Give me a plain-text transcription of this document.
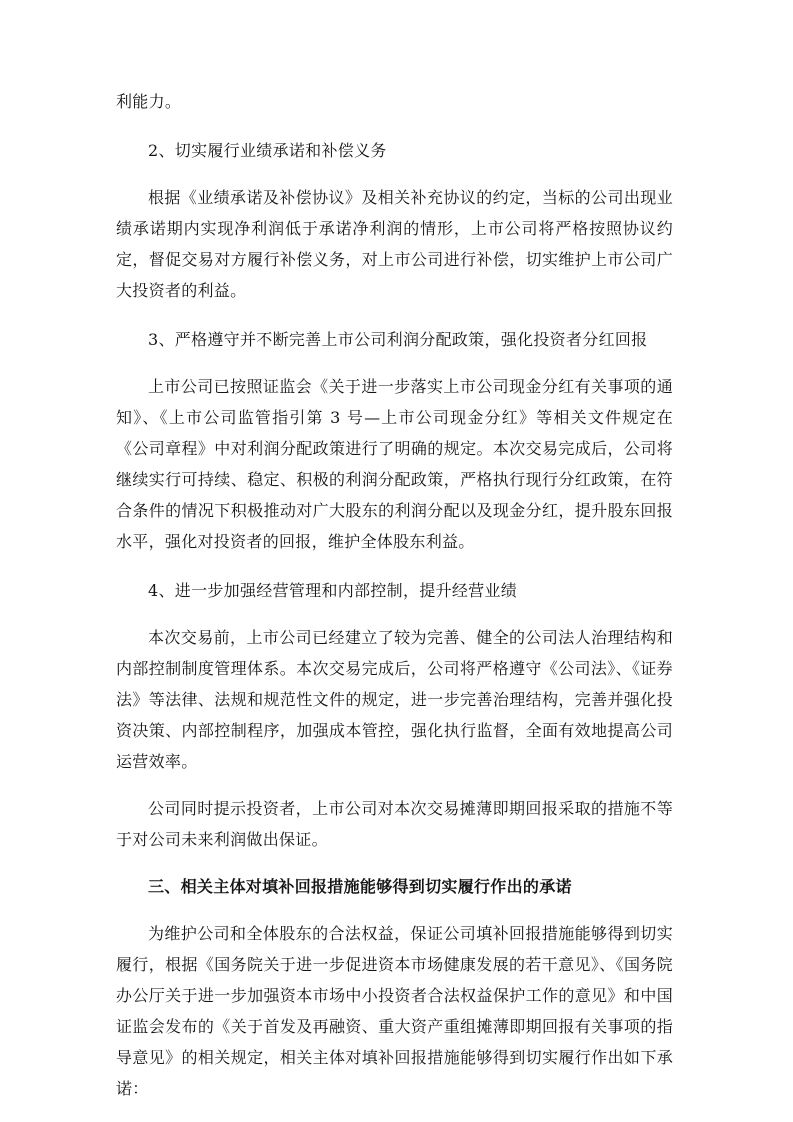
利能力。

2、切实履行业绩承诺和补偿义务

根据《业绩承诺及补偿协议》及相关补充协议的约定，当标的公司出现业绩承诺期内实现净利润低于承诺净利润的情形，上市公司将严格按照协议约定，督促交易对方履行补偿义务，对上市公司进行补偿，切实维护上市公司广大投资者的利益。

3、严格遵守并不断完善上市公司利润分配政策，强化投资者分红回报

上市公司已按照证监会《关于进一步落实上市公司现金分红有关事项的通知》、《上市公司监管指引第 3 号—上市公司现金分红》等相关文件规定在《公司章程》中对利润分配政策进行了明确的规定。本次交易完成后，公司将继续实行可持续、稳定、积极的利润分配政策，严格执行现行分红政策，在符合条件的情况下积极推动对广大股东的利润分配以及现金分红，提升股东回报水平，强化对投资者的回报，维护全体股东利益。

4、进一步加强经营管理和内部控制，提升经营业绩

本次交易前，上市公司已经建立了较为完善、健全的公司法人治理结构和内部控制制度管理体系。本次交易完成后，公司将严格遵守《公司法》、《证券法》等法律、法规和规范性文件的规定，进一步完善治理结构，完善并强化投资决策、内部控制程序，加强成本管控，强化执行监督，全面有效地提高公司运营效率。

公司同时提示投资者，上市公司对本次交易摊薄即期回报采取的措施不等于对公司未来利润做出保证。

三、相关主体对填补回报措施能够得到切实履行作出的承诺

为维护公司和全体股东的合法权益，保证公司填补回报措施能够得到切实履行，根据《国务院关于进一步促进资本市场健康发展的若干意见》、《国务院办公厅关于进一步加强资本市场中小投资者合法权益保护工作的意见》和中国证监会发布的《关于首发及再融资、重大资产重组摊薄即期回报有关事项的指导意见》的相关规定，相关主体对填补回报措施能够得到切实履行作出如下承诺：
